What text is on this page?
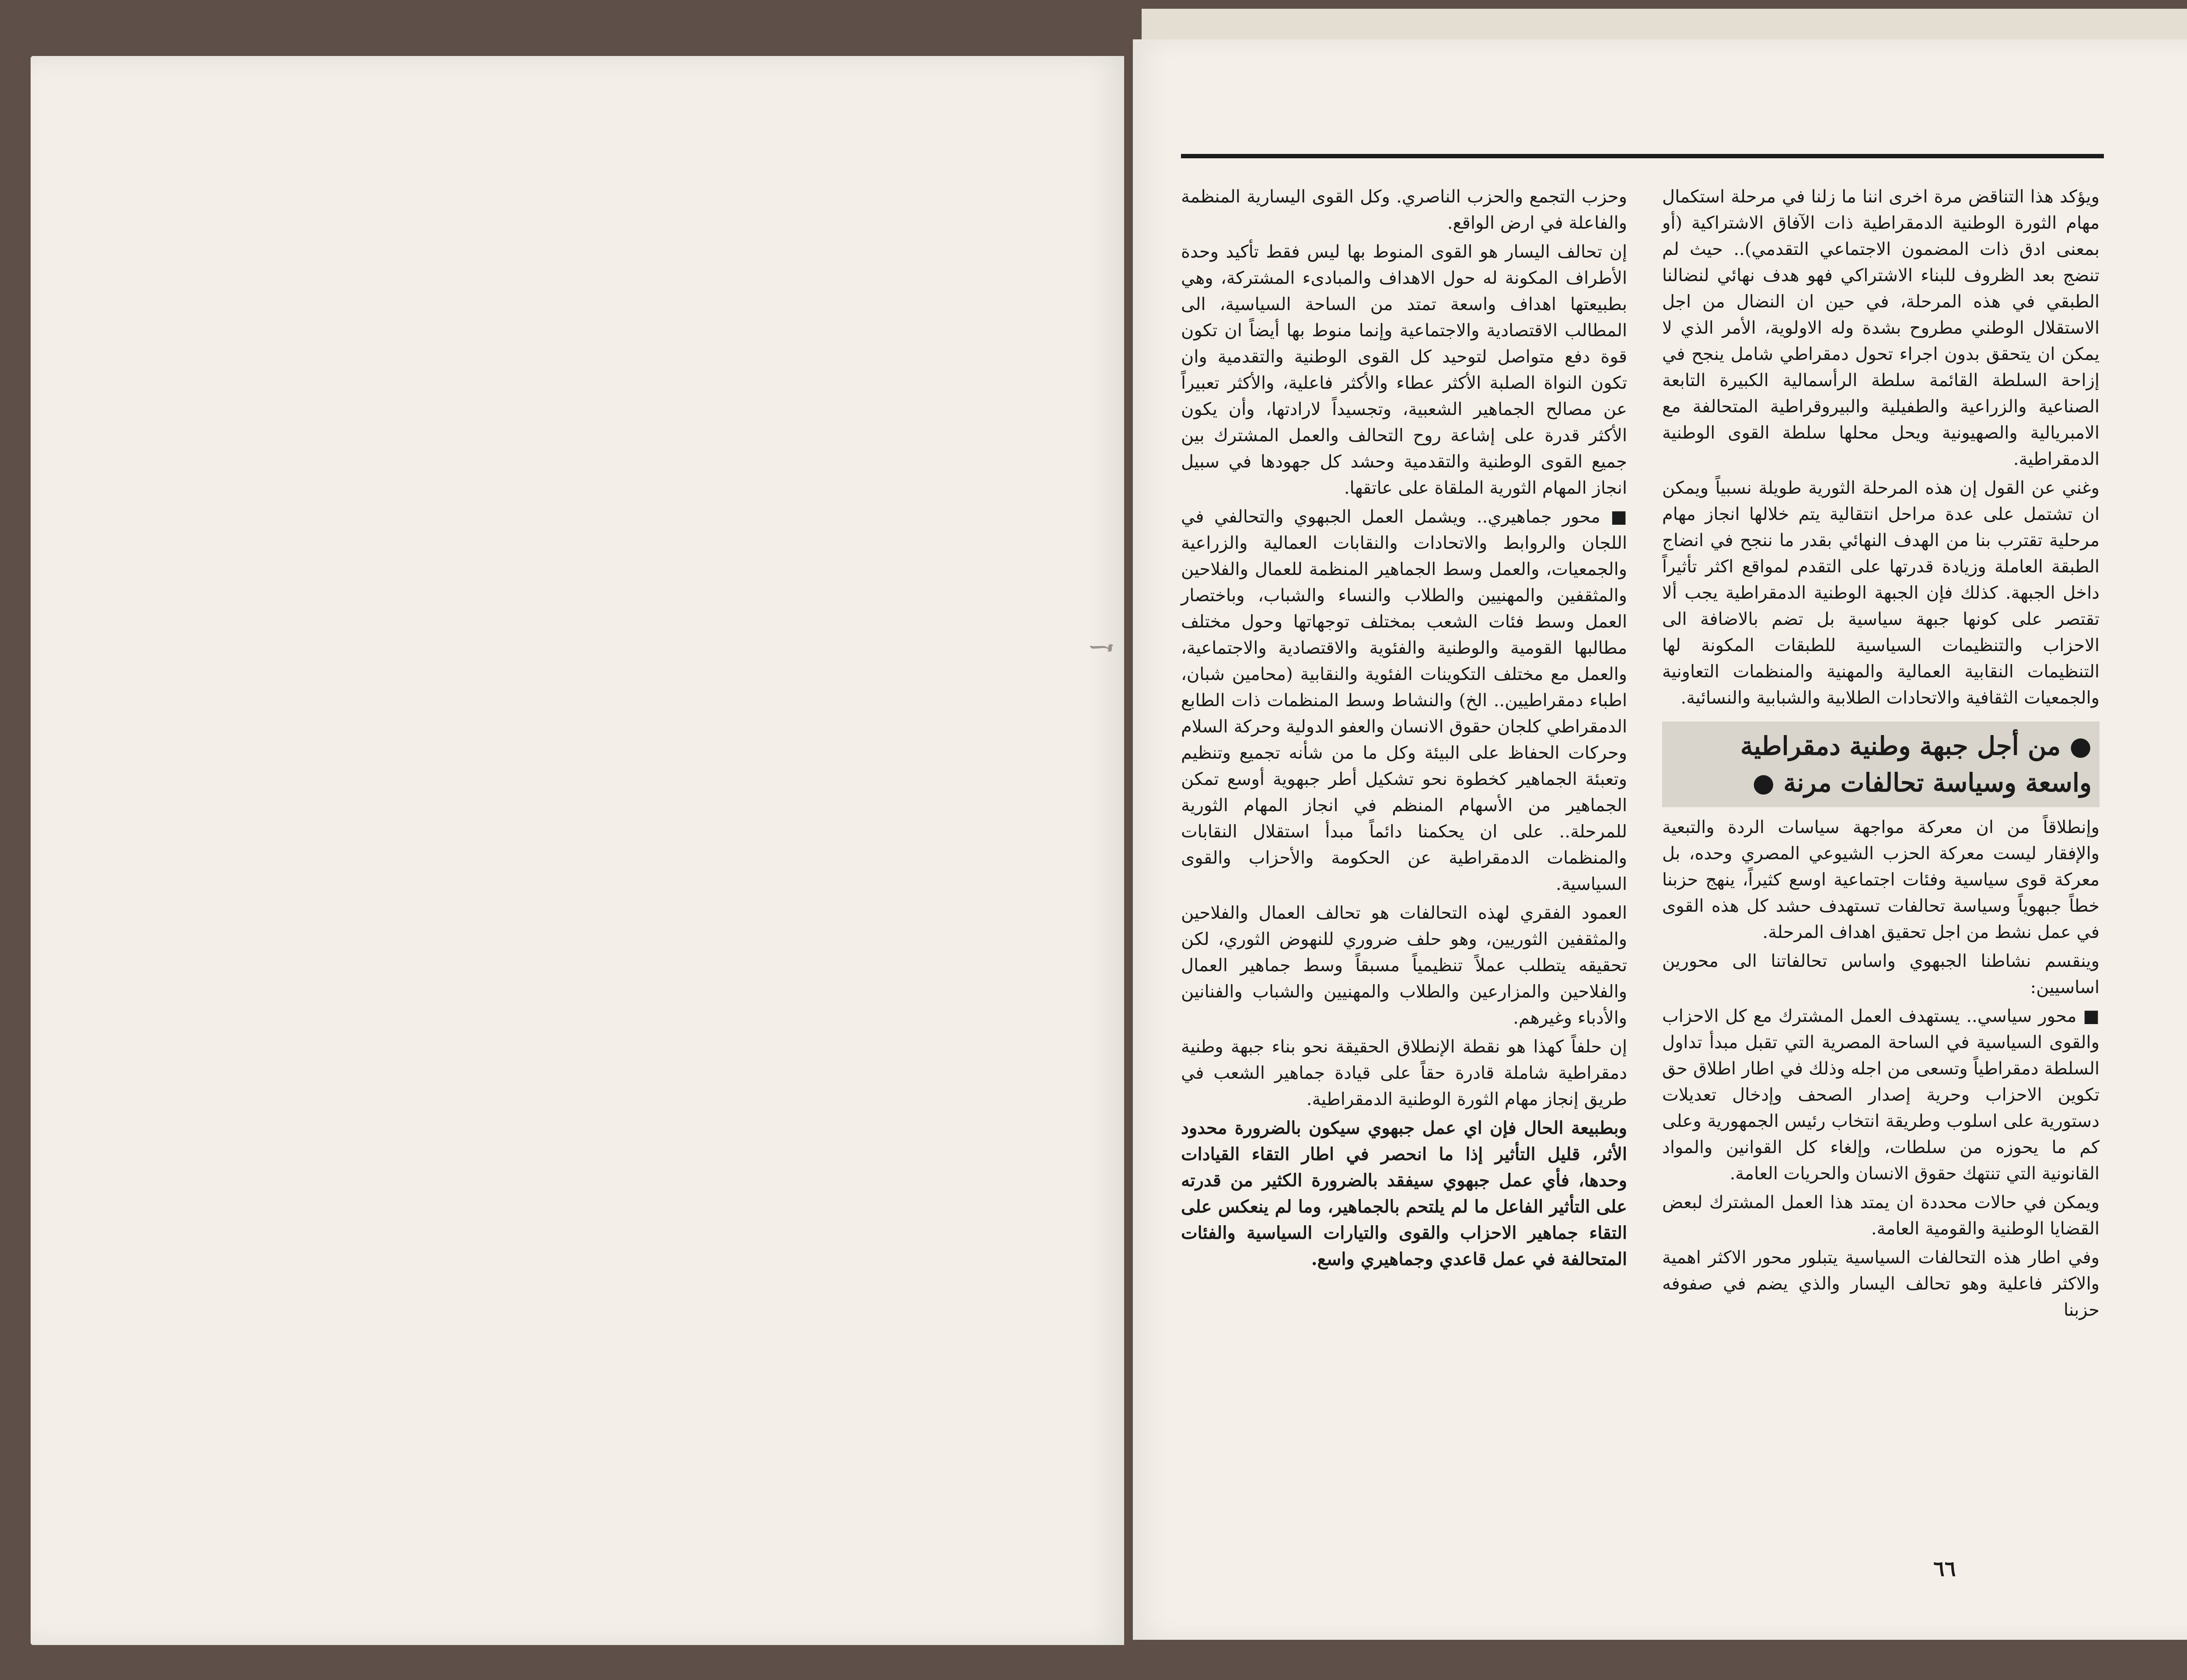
ז

ويؤكد هذا التناقض مرة اخرى اننا ما زلنا في مرحلة استكمال مهام الثورة الوطنية الدمقراطية ذات الآفاق الاشتراكية (أو بمعنى ادق ذات المضمون الاجتماعي التقدمي).. حيث لم تنضج بعد الظروف للبناء الاشتراكي فهو هدف نهائي لنضالنا الطبقي في هذه المرحلة، في حين ان النضال من اجل الاستقلال الوطني مطروح بشدة وله الاولوية، الأمر الذي لا يمكن ان يتحقق بدون اجراء تحول دمقراطي شامل ينجح في إزاحة السلطة القائمة سلطة الرأسمالية الكبيرة التابعة الصناعية والزراعية والطفيلية والبيروقراطية المتحالفة مع الامبريالية والصهيونية ويحل محلها سلطة القوى الوطنية الدمقراطية.

وغني عن القول إن هذه المرحلة الثورية طويلة نسبياً ويمكن ان تشتمل على عدة مراحل انتقالية يتم خلالها انجاز مهام مرحلية تقترب بنا من الهدف النهائي بقدر ما ننجح في انضاج الطبقة العاملة وزيادة قدرتها على التقدم لمواقع اكثر تأثيراً داخل الجبهة. كذلك فإن الجبهة الوطنية الدمقراطية يجب ألا تقتصر على كونها جبهة سياسية بل تضم بالاضافة الى الاحزاب والتنظيمات السياسية للطبقات المكونة لها التنظيمات النقابية العمالية والمهنية والمنظمات التعاونية والجمعيات الثقافية والاتحادات الطلابية والشبابية والنسائية.

● من أجل جبهة وطنية دمقراطية واسعة وسياسة تحالفات مرنة ●

وإنطلاقاً من ان معركة مواجهة سياسات الردة والتبعية والإفقار ليست معركة الحزب الشيوعي المصري وحده، بل معركة قوى سياسية وفئات اجتماعية اوسع كثيراً، ينهج حزبنا خطاً جبهوياً وسياسة تحالفات تستهدف حشد كل هذه القوى في عمل نشط من اجل تحقيق اهداف المرحلة.

وينقسم نشاطنا الجبهوي واساس تحالفاتنا الى محورين اساسيين:

■ محور سياسي.. يستهدف العمل المشترك مع كل الاحزاب والقوى السياسية في الساحة المصرية التي تقبل مبدأ تداول السلطة دمقراطياً وتسعى من اجله وذلك في اطار اطلاق حق تكوين الاحزاب وحرية إصدار الصحف وإدخال تعديلات دستورية على اسلوب وطريقة انتخاب رئيس الجمهورية وعلى كم ما يحوزه من سلطات، وإلغاء كل القوانين والمواد القانونية التي تنتهك حقوق الانسان والحريات العامة.

ويمكن في حالات محددة ان يمتد هذا العمل المشترك لبعض القضايا الوطنية والقومية العامة.

وفي اطار هذه التحالفات السياسية يتبلور محور الاكثر اهمية والاكثر فاعلية وهو تحالف اليسار والذي يضم في صفوفه حزبنا

وحزب التجمع والحزب الناصري. وكل القوى اليسارية المنظمة والفاعلة في ارض الواقع.

إن تحالف اليسار هو القوى المنوط بها ليس فقط تأكيد وحدة الأطراف المكونة له حول الاهداف والمبادىء المشتركة، وهي بطبيعتها اهداف واسعة تمتد من الساحة السياسية، الى المطالب الاقتصادية والاجتماعية وإنما منوط بها أيضاً ان تكون قوة دفع متواصل لتوحيد كل القوى الوطنية والتقدمية وان تكون النواة الصلبة الأكثر عطاء والأكثر فاعلية، والأكثر تعبيراً عن مصالح الجماهير الشعبية، وتجسيداً لارادتها، وأن يكون الأكثر قدرة على إشاعة روح التحالف والعمل المشترك بين جميع القوى الوطنية والتقدمية وحشد كل جهودها في سبيل انجاز المهام الثورية الملقاة على عاتقها.

■ محور جماهيري.. ويشمل العمل الجبهوي والتحالفي في اللجان والروابط والاتحادات والنقابات العمالية والزراعية والجمعيات، والعمل وسط الجماهير المنظمة للعمال والفلاحين والمثقفين والمهنيين والطلاب والنساء والشباب، وباختصار العمل وسط فئات الشعب بمختلف توجهاتها وحول مختلف مطالبها القومية والوطنية والفئوية والاقتصادية والاجتماعية، والعمل مع مختلف التكوينات الفئوية والنقابية (محامين شبان، اطباء دمقراطيين.. الخ) والنشاط وسط المنظمات ذات الطابع الدمقراطي كلجان حقوق الانسان والعفو الدولية وحركة السلام وحركات الحفاظ على البيئة وكل ما من شأنه تجميع وتنظيم وتعبئة الجماهير كخطوة نحو تشكيل أطر جبهوية أوسع تمكن الجماهير من الأسهام المنظم في انجاز المهام الثورية للمرحلة.. على ان يحكمنا دائماً مبدأ استقلال النقابات والمنظمات الدمقراطية عن الحكومة والأحزاب والقوى السياسية.

العمود الفقري لهذه التحالفات هو تحالف العمال والفلاحين والمثقفين الثوريين، وهو حلف ضروري للنهوض الثوري، لكن تحقيقه يتطلب عملاً تنظيمياً مسبقاً وسط جماهير العمال والفلاحين والمزارعين والطلاب والمهنيين والشباب والفنانين والأدباء وغيرهم.

إن حلفاً كهذا هو نقطة الإنطلاق الحقيقة نحو بناء جبهة وطنية دمقراطية شاملة قادرة حقاً على قيادة جماهير الشعب في طريق إنجاز مهام الثورة الوطنية الدمقراطية.

وبطبيعة الحال فإن اي عمل جبهوي سيكون بالضرورة محدود الأثر، قليل التأثير إذا ما انحصر في اطار التقاء القيادات وحدها، فأي عمل جبهوي سيفقد بالضرورة الكثير من قدرته على التأثير الفاعل ما لم يلتحم بالجماهير، وما لم ينعكس على التقاء جماهير الاحزاب والقوى والتيارات السياسية والفئات المتحالفة في عمل قاعدي وجماهيري واسع.

٦٦
